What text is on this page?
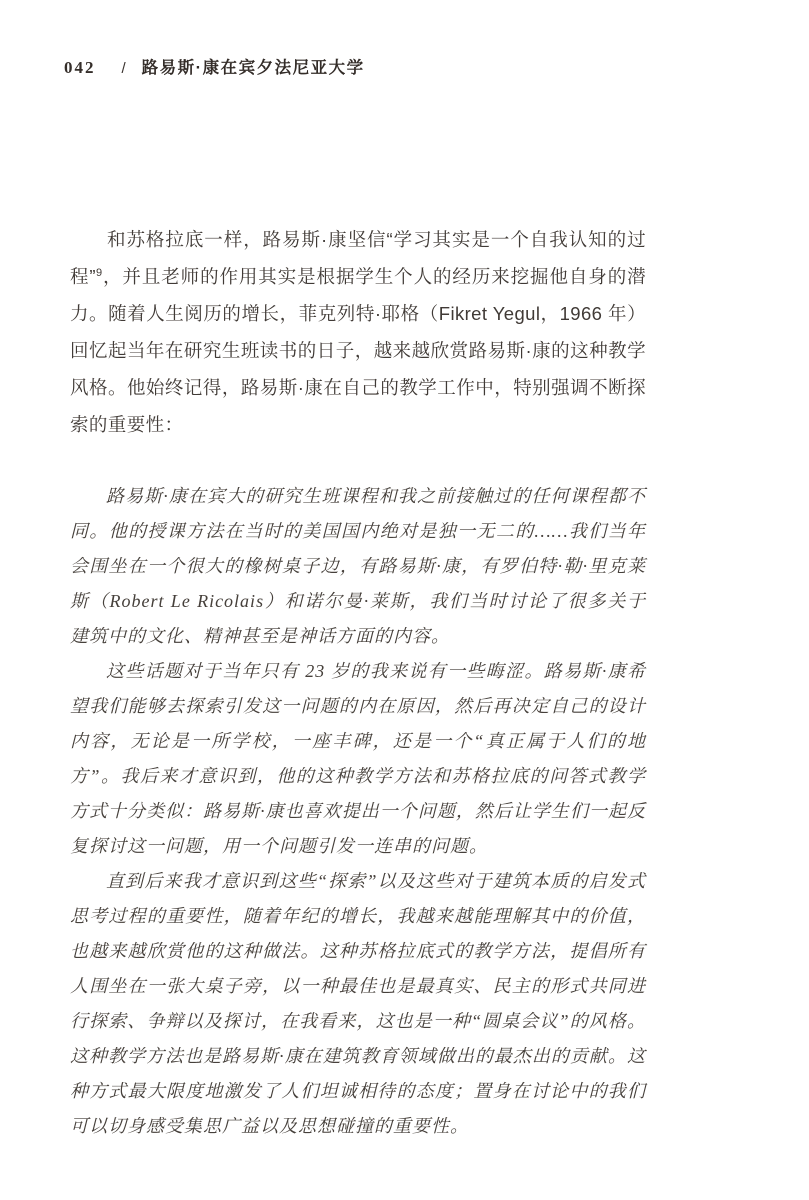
042 / 路易斯·康在宾夕法尼亚大学

和苏格拉底一样，路易斯·康坚信“学习其实是一个自我认知的过程”$^9$，并且老师的作用其实是根据学生个人的经历来挖掘他自身的潜力。随着人生阅历的增长，菲克列特·耶格（Fikret Yegul，1966 年）回忆起当年在研究生班读书的日子，越来越欣赏路易斯·康的这种教学风格。他始终记得，路易斯·康在自己的教学工作中，特别强调不断探索的重要性：

路易斯·康在宾大的研究生班课程和我之前接触过的任何课程都不同。他的授课方法在当时的美国国内绝对是独一无二的……我们当年会围坐在一个很大的橡树桌子边，有路易斯·康，有罗伯特·勒·里克莱斯（Robert Le Ricolais）和诺尔曼·莱斯，我们当时讨论了很多关于建筑中的文化、精神甚至是神话方面的内容。

这些话题对于当年只有 23 岁的我来说有一些晦涩。路易斯·康希望我们能够去探索引发这一问题的内在原因，然后再决定自己的设计内容，无论是一所学校，一座丰碑，还是一个“真正属于人们的地方”。我后来才意识到，他的这种教学方法和苏格拉底的问答式教学方式十分类似：路易斯·康也喜欢提出一个问题，然后让学生们一起反复探讨这一问题，用一个问题引发一连串的问题。

直到后来我才意识到这些“探索”以及这些对于建筑本质的启发式思考过程的重要性，随着年纪的增长，我越来越能理解其中的价值，也越来越欣赏他的这种做法。这种苏格拉底式的教学方法，提倡所有人围坐在一张大桌子旁，以一种最佳也是最真实、民主的形式共同进行探索、争辩以及探讨，在我看来，这也是一种“圆桌会议”的风格。这种教学方法也是路易斯·康在建筑教育领域做出的最杰出的贡献。这种方式最大限度地激发了人们坦诚相待的态度；置身在讨论中的我们可以切身感受集思广益以及思想碰撞的重要性。
